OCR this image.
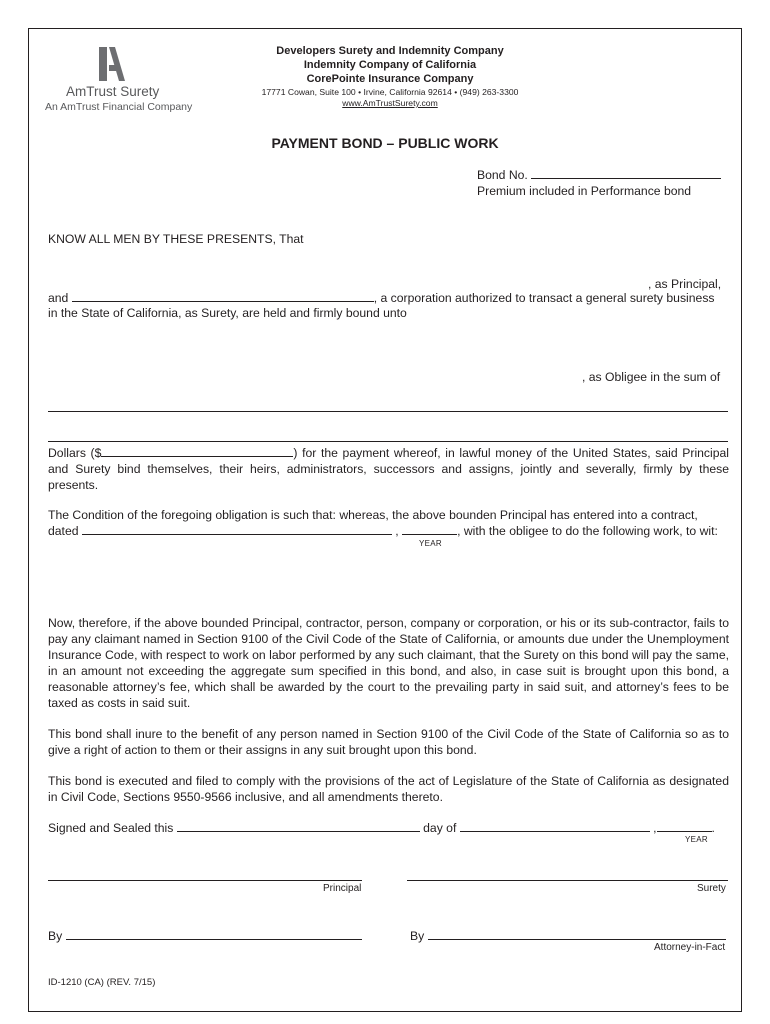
AmTrust Surety
An AmTrust Financial Company
Developers Surety and Indemnity Company
Indemnity Company of California
CorePointe Insurance Company
17771 Cowan, Suite 100 • Irvine, California 92614 • (949) 263-3300
www.AmTrustSurety.com
PAYMENT BOND – PUBLIC WORK
Bond No.
Premium included in Performance bond
KNOW ALL MEN BY THESE PRESENTS, That
, as Principal,
and	, a corporation authorized to transact a general surety business
in the State of California, as Surety, are held and firmly bound unto
, as Obligee in the sum of
Dollars ($	) for the payment whereof, in lawful money of the United States, said Principal and Surety bind themselves, their heirs, administrators, successors and assigns, jointly and severally, firmly by these presents.
The Condition of the foregoing obligation is such that: whereas, the above bounden Principal has entered into a contract,
dated	,	, with the obligee to do the following work, to wit:
YEAR
Now, therefore, if the above bounded Principal, contractor, person, company or corporation, or his or its sub-contractor, fails to pay any claimant named in Section 9100 of the Civil Code of the State of California, or amounts due under the Unemployment Insurance Code, with respect to work on labor performed by any such claimant, that the Surety on this bond will pay the same, in an amount not exceeding the aggregate sum specified in this bond, and also, in case suit is brought upon this bond, a reasonable attorney’s fee, which shall be awarded by the court to the prevailing party in said suit, and attorney’s fees to be taxed as costs in said suit.
This bond shall inure to the benefit of any person named in Section 9100 of the Civil Code of the State of California so as to give a right of action to them or their assigns in any suit brought upon this bond.
This bond is executed and filed to comply with the provisions of the act of Legislature of the State of California as designated in Civil Code, Sections 9550-9566 inclusive, and all amendments thereto.
Signed and Sealed this	day of	,	.
YEAR
Principal	Surety
By	By
Attorney-in-Fact
ID-1210 (CA) (REV. 7/15)
